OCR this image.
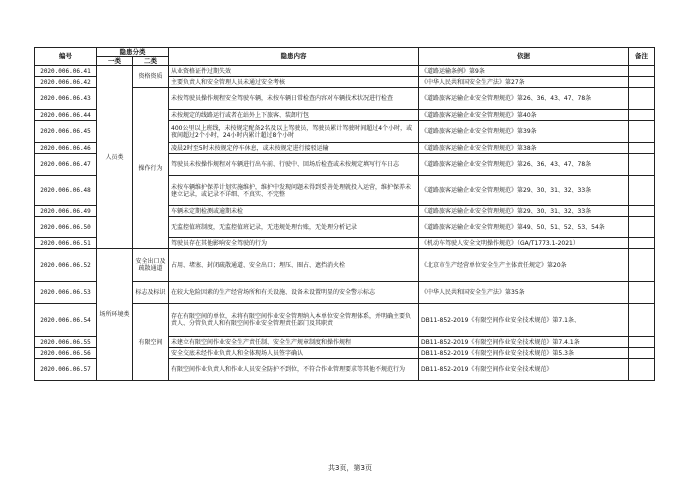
编号	隐患分类		隐患内容	依据	备注
	一类	二类			
2020.006.06.41	人员类	资格资质	从业资格证件过期失效	《道路运输条例》第9条	
2020.006.06.42			主要负责人和安全管理人员未通过安全考核	《中华人民共和国安全生产法》第27条	
2020.006.06.43		操作行为	未按驾驶员操作规程安全驾驶车辆，未按车辆日常检查内容对车辆技术状况进行检查	《道路旅客运输企业安全管理规范》第26、36、43、47、78条	
2020.006.06.44			未按规定的线路运行或者在站外上下旅客、装卸行包	《道路旅客运输企业安全管理规范》第40条	
2020.006.06.45			400公里以上班线，未按规定配备2名及以上驾驶员，驾驶员累计驾驶时间超过4个小时，或夜间超过2个小时，24小时内累计超过8个小时	《道路旅客运输企业安全管理规范》第39条	
2020.006.06.46			凌晨2时至5时未按规定停车休息，或未按规定进行接驳运输	《道路旅客运输企业安全管理规范》第38条	
2020.006.06.47			驾驶员未按操作规程对车辆进行出车前、行驶中、回场后检查或未按规定填写行车日志	《道路旅客运输企业安全管理规范》第26、36、43、47、78条	
2020.006.06.48			未按车辆维护保养计划实施维护，维护中发现问题未得到妥善处理就投入运营，维护保养未建立记录，或记录不详细、不真实、不完整	《道路旅客运输企业安全管理规范》第29、30、31、32、33条	
2020.006.06.49			车辆未定期检测或逾期未检	《道路旅客运输企业安全管理规范》第29、30、31、32、33条	
2020.006.06.50			无监控值班制度，无监控值班记录，无违规处理台账，无处理分析记录	《道路旅客运输企业安全管理规范》第49、50、51、52、53、54条	
2020.006.06.51			驾驶员存在其他影响安全驾驶的行为	《机动车驾驶人安全文明操作规范》（GA/T1773.1-2021）	
2020.006.06.52	场所环境类	安全出口及疏散通道	占用、堵塞、封闭疏散通道、安全出口；埋压、圈占、遮挡消火栓	《北京市生产经营单位安全生产主体责任规定》第20条	
2020.006.06.53		标志及标识	在较大危险因素的生产经营场所和有关设施、设备未设置明显的安全警示标志	《中华人民共和国安全生产法》第35条	
2020.006.06.54		有限空间	存在有限空间的单位，未将有限空间作业安全管理纳入本单位安全管理体系，并明确主要负责人、分管负责人和有限空间作业安全管理责任部门及其职责	DB11-852-2019《有限空间作业安全技术规范》第7.1条、	
2020.006.06.55			未建立有限空间作业安全生产责任制、安全生产规章制度和操作规程	DB11-852-2019《有限空间作业安全技术规范》第7.4.1条	
2020.006.06.56			安全交底未经作业负责人和全体现场人员签字确认	DB11-852-2019《有限空间作业安全技术规范》第5.3条	
2020.006.06.57			有限空间作业负责人和作业人员安全防护不到位，不符合作业管理要求等其他不规范行为	DB11-852-2019《有限空间作业安全技术规范》	
共3页，第3页
